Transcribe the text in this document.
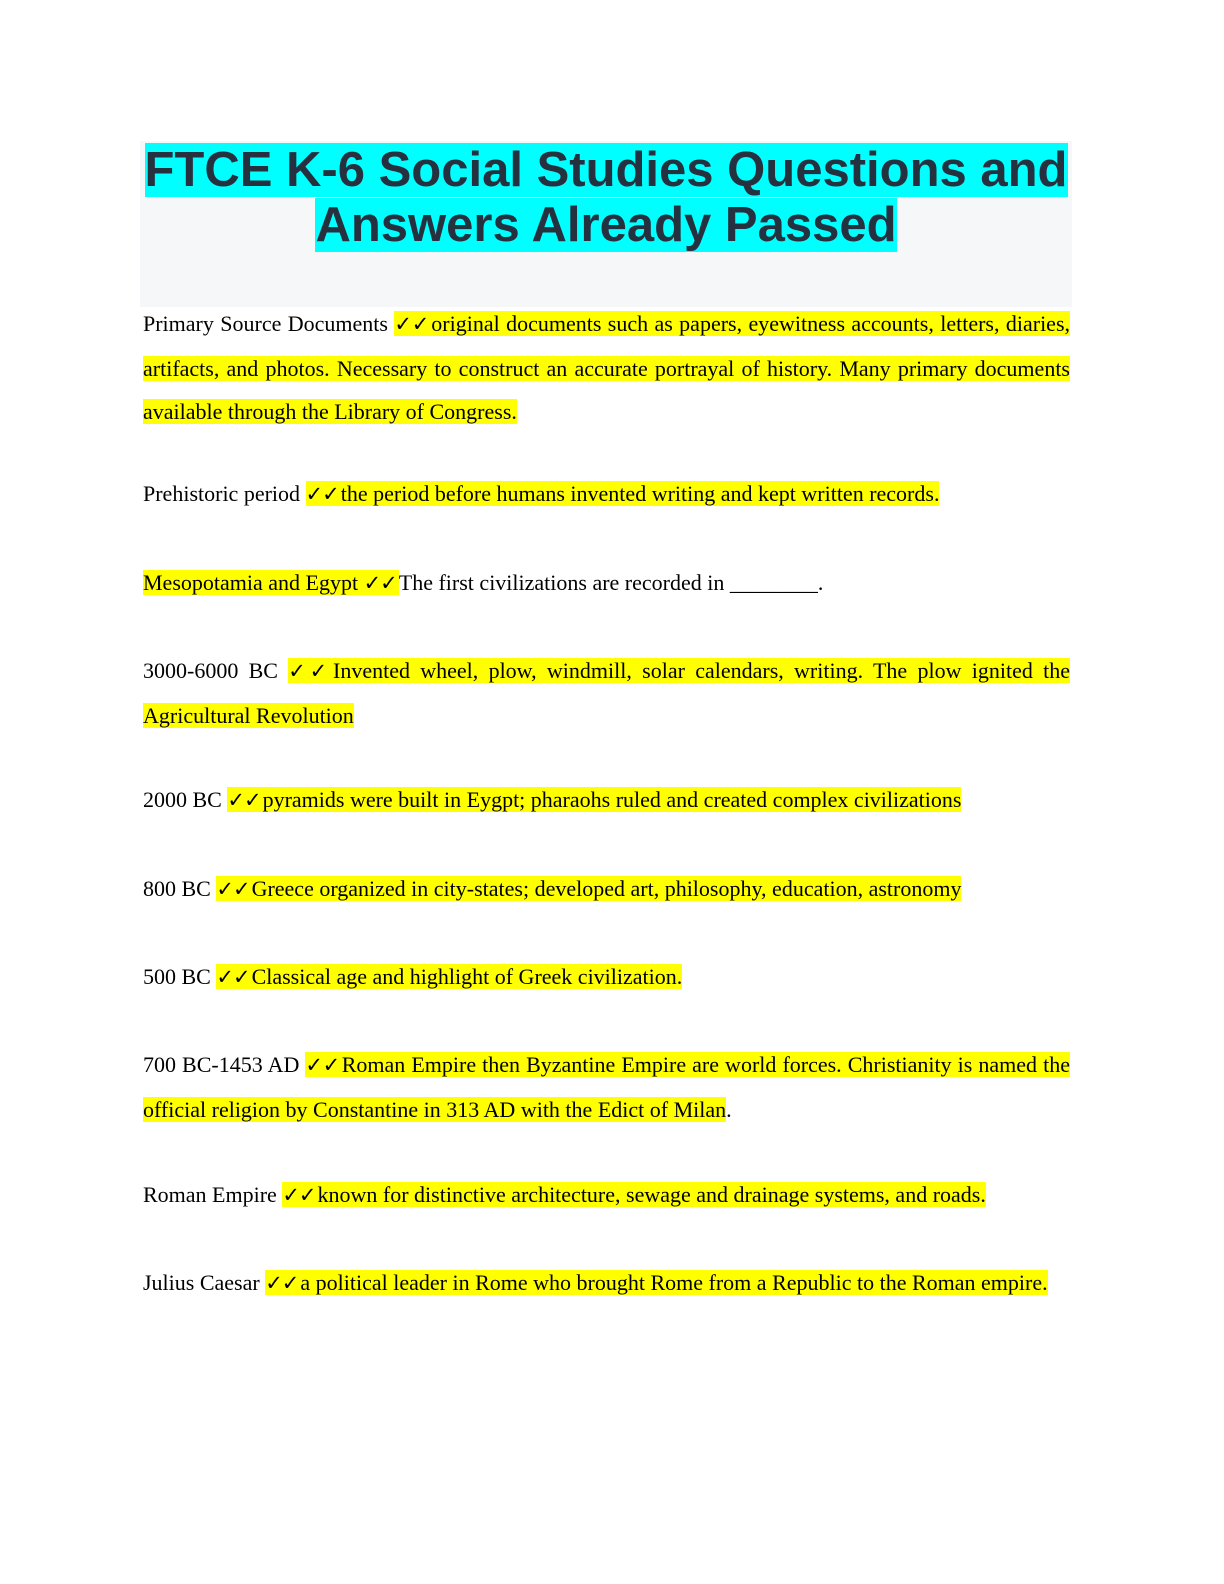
FTCE K-6 Social Studies Questions and Answers Already Passed

Primary Source Documents ✓✓original documents such as papers, eyewitness accounts, letters, diaries, artifacts, and photos. Necessary to construct an accurate portrayal of history. Many primary documents available through the Library of Congress.

Prehistoric period ✓✓the period before humans invented writing and kept written records.

Mesopotamia and Egypt ✓✓The first civilizations are recorded in ________.

3000-6000 BC ✓✓Invented wheel, plow, windmill, solar calendars, writing. The plow ignited the Agricultural Revolution

2000 BC ✓✓pyramids were built in Eygpt; pharaohs ruled and created complex civilizations

800 BC ✓✓Greece organized in city-states; developed art, philosophy, education, astronomy

500 BC ✓✓Classical age and highlight of Greek civilization.

700 BC-1453 AD ✓✓Roman Empire then Byzantine Empire are world forces. Christianity is named the official religion by Constantine in 313 AD with the Edict of Milan.

Roman Empire ✓✓known for distinctive architecture, sewage and drainage systems, and roads.

Julius Caesar ✓✓a political leader in Rome who brought Rome from a Republic to the Roman empire.
